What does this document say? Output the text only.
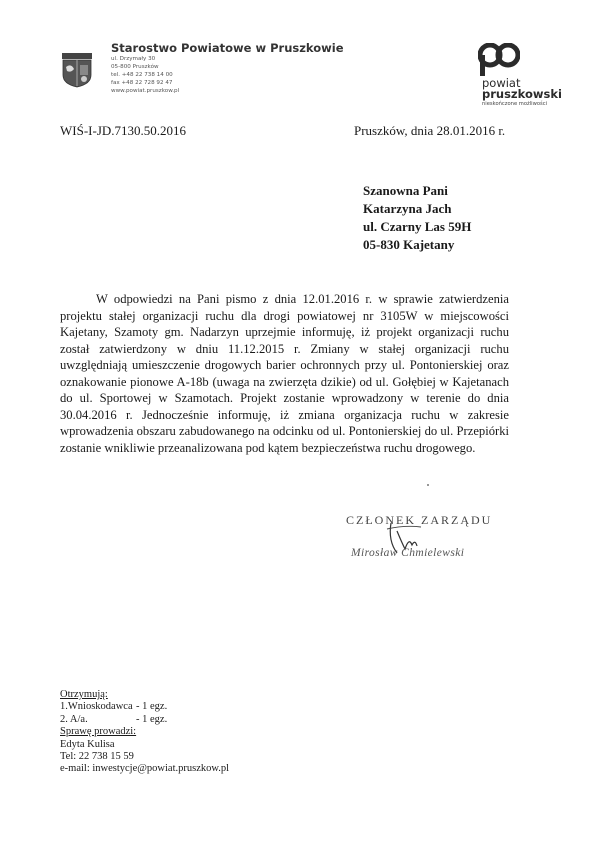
Starostwo Powiatowe w Pruszkowie
ul. Drzymały 30
05-800 Pruszków
tel. +48 22 738 14 00
fax +48 22 728 92 47
www.powiat.pruszkow.pl
powiat
pruszkowski
nieskończone możliwości
WIŚ-I-JD.7130.50.2016	Pruszków, dnia 28.01.2016 r.
Szanowna Pani
Katarzyna Jach
ul. Czarny Las 59H
05-830 Kajetany

W odpowiedzi na Pani pismo z dnia 12.01.2016 r. w sprawie zatwierdzenia projektu stałej organizacji ruchu dla drogi powiatowej nr 3105W w miejscowości Kajetany, Szamoty gm. Nadarzyn uprzejmie informuję, iż projekt organizacji ruchu został zatwierdzony w dniu 11.12.2015 r. Zmiany w stałej organizacji ruchu uwzględniają umieszczenie drogowych barier ochronnych przy ul. Pontonierskiej oraz oznakowanie pionowe A-18b (uwaga na zwierzęta dzikie) od ul. Gołębiej w Kajetanach do ul. Sportowej w Szamotach. Projekt zostanie wprowadzony w terenie do dnia 30.04.2016 r. Jednocześnie informuję, iż zmiana organizacja ruchu w zakresie wprowadzenia obszaru zabudowanego na odcinku od ul. Pontonierskiej do ul. Przepiórki zostanie wnikliwie przeanalizowana pod kątem bezpieczeństwa ruchu drogowego.

CZŁONEK ZARZĄDU
Mirosław Chmielewski
Otrzymują:
1.Wnioskodawca - 1 egz.
2. A/a.	- 1 egz.
Sprawę prowadzi:
Edyta Kulisa
Tel: 22 738 15 59
e-mail: inwestycje@powiat.pruszkow.pl
